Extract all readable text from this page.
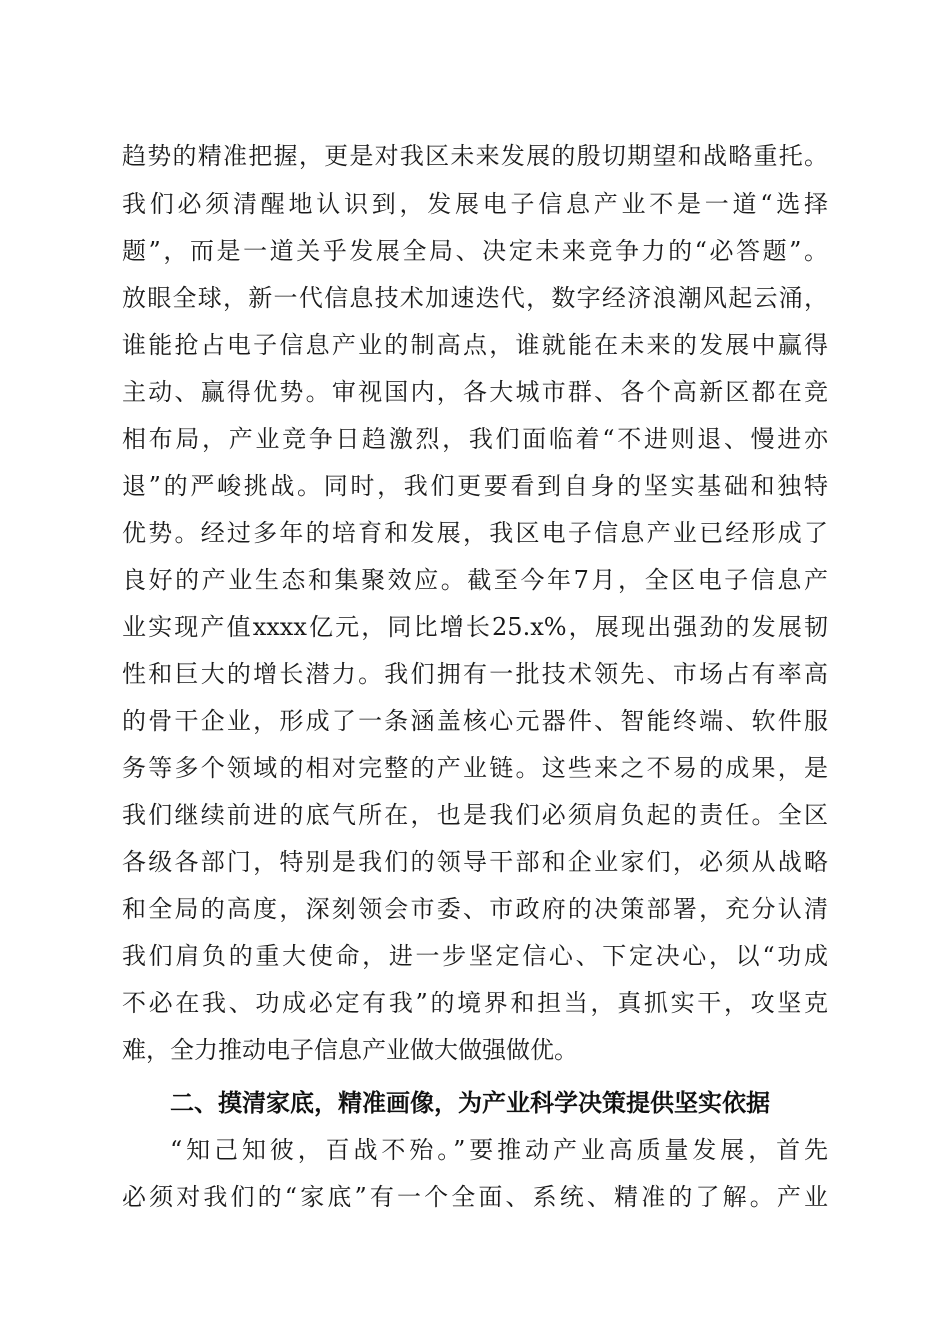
趋势的精准把握，更是对我区未来发展的殷切期望和战略重托。
我们必须清醒地认识到，发展电子信息产业不是一道“选择
题”，而是一道关乎发展全局、决定未来竞争力的“必答题”。
放眼全球，新一代信息技术加速迭代，数字经济浪潮风起云涌，
谁能抢占电子信息产业的制高点，谁就能在未来的发展中赢得
主动、赢得优势。审视国内，各大城市群、各个高新区都在竞
相布局，产业竞争日趋激烈，我们面临着“不进则退、慢进亦
退”的严峻挑战。同时，我们更要看到自身的坚实基础和独特
优势。经过多年的培育和发展，我区电子信息产业已经形成了
良好的产业生态和集聚效应。截至今年7月，全区电子信息产
业实现产值xxxx亿元，同比增长25.x%，展现出强劲的发展韧
性和巨大的增长潜力。我们拥有一批技术领先、市场占有率高
的骨干企业，形成了一条涵盖核心元器件、智能终端、软件服
务等多个领域的相对完整的产业链。这些来之不易的成果，是
我们继续前进的底气所在，也是我们必须肩负起的责任。全区
各级各部门，特别是我们的领导干部和企业家们，必须从战略
和全局的高度，深刻领会市委、市政府的决策部署，充分认清
我们肩负的重大使命，进一步坚定信心、下定决心，以“功成
不必在我、功成必定有我”的境界和担当，真抓实干，攻坚克
难，全力推动电子信息产业做大做强做优。
二、摸清家底，精准画像，为产业科学决策提供坚实依据
“知己知彼，百战不殆。”要推动产业高质量发展，首先
必须对我们的“家底”有一个全面、系统、精准的了解。产业
